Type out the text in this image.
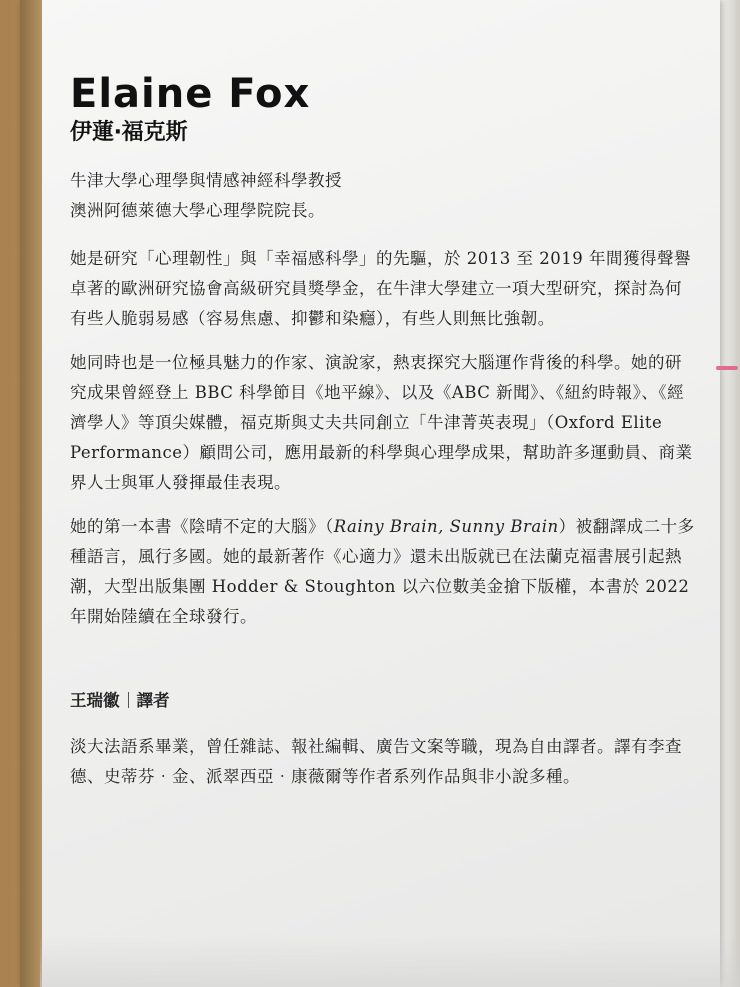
Elaine Fox
伊蓮‧福克斯
牛津大學心理學與情感神經科學教授
澳洲阿德萊德大學心理學院院長。

她是研究「心理韌性」與「幸福感科學」的先驅，於 2013 至 2019 年間獲得聲譽卓著的歐洲研究協會高級研究員獎學金，在牛津大學建立一項大型研究，探討為何有些人脆弱易感（容易焦慮、抑鬱和染癮），有些人則無比強韌。

她同時也是一位極具魅力的作家、演說家，熱衷探究大腦運作背後的科學。她的研究成果曾經登上 BBC 科學節目《地平線》、以及《ABC 新聞》、《紐約時報》、《經濟學人》等頂尖媒體，福克斯與丈夫共同創立「牛津菁英表現」（Oxford Elite Performance）顧問公司，應用最新的科學與心理學成果，幫助許多運動員、商業界人士與軍人發揮最佳表現。

她的第一本書《陰晴不定的大腦》（Rainy Brain, Sunny Brain）被翻譯成二十多種語言，風行多國。她的最新著作《心適力》還未出版就已在法蘭克福書展引起熱潮，大型出版集團 Hodder & Stoughton 以六位數美金搶下版權，本書於 2022 年開始陸續在全球發行。

王瑞徽 譯者

淡大法語系畢業，曾任雜誌、報社編輯、廣告文案等職，現為自由譯者。譯有李查德、史蒂芬‧金、派翠西亞‧康薇爾等作者系列作品與非小說多種。
